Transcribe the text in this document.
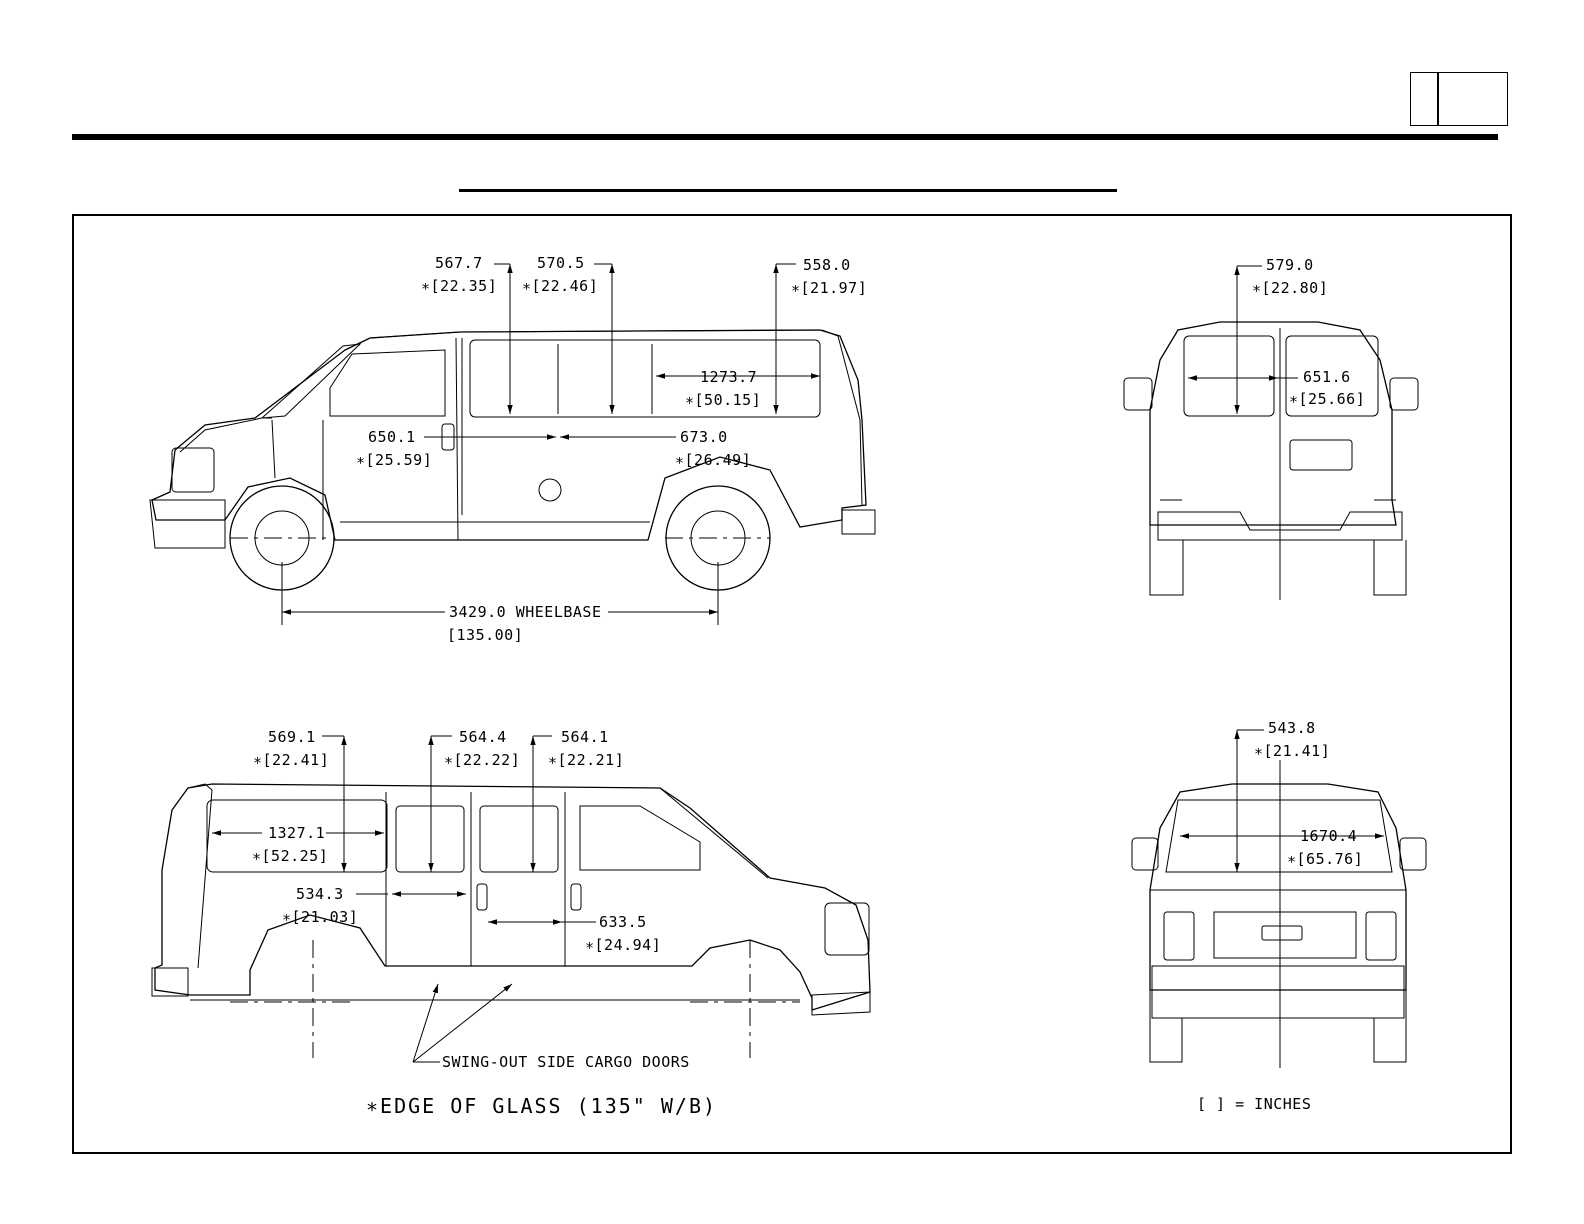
567.7
∗[22.35]
570.5
∗[22.46]
558.0
∗[21.97]
1273.7
∗[50.15]
650.1
∗[25.59]
673.0
∗[26.49]
3429.0 WHEELBASE
[135.00]
579.0
∗[22.80]
651.6
∗[25.66]
569.1
∗[22.41]
564.4
∗[22.22]
564.1
∗[22.21]
1327.1
∗[52.25]
534.3
∗[21.03]	633.5
∗[24.94]
SWING-OUT SIDE CARGO DOORS
543.8
∗[21.41]
1670.4
∗[65.76]
∗EDGE OF GLASS (135" W/B)	[ ] = INCHES
